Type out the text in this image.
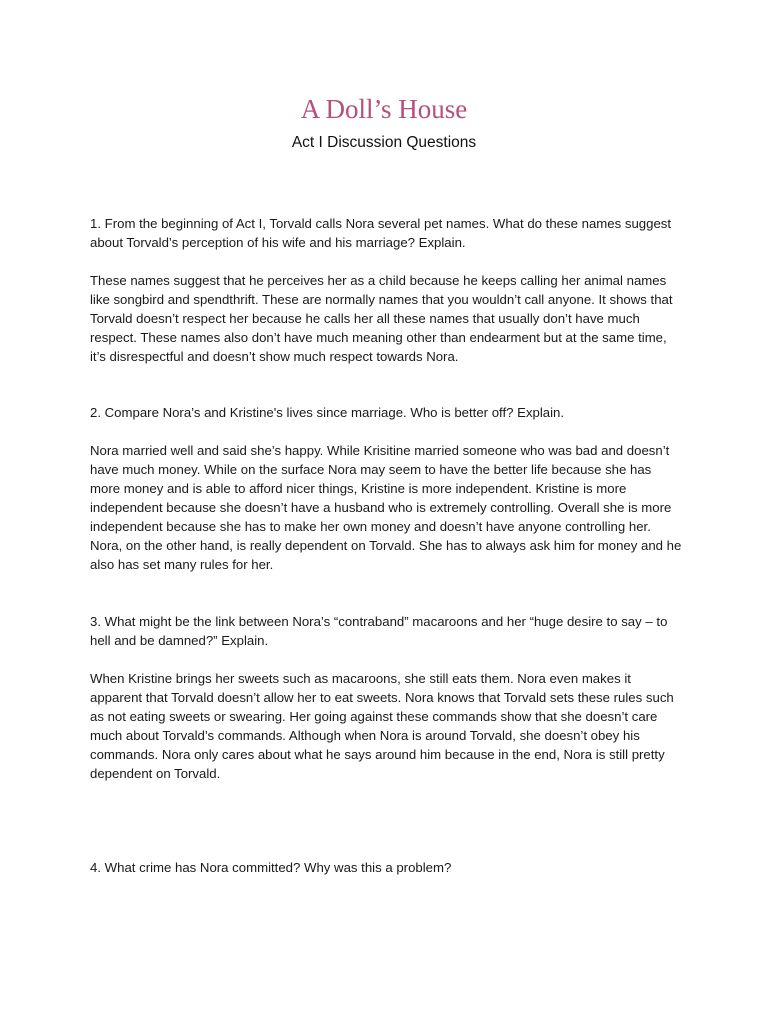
A Doll’s House
Act I Discussion Questions

1. From the beginning of Act I, Torvald calls Nora several pet names. What do these names suggest about Torvald’s perception of his wife and his marriage? Explain.

These names suggest that he perceives her as a child because he keeps calling her animal names like songbird and spendthrift. These are normally names that you wouldn’t call anyone. It shows that Torvald doesn’t respect her because he calls her all these names that usually don’t have much respect. These names also don’t have much meaning other than endearment but at the same time, it’s disrespectful and doesn’t show much respect towards Nora.

2. Compare Nora’s and Kristine's lives since marriage. Who is better off? Explain.

Nora married well and said she’s happy. While Krisitine married someone who was bad and doesn’t have much money. While on the surface Nora may seem to have the better life because she has more money and is able to afford nicer things, Kristine is more independent. Kristine is more independent because she doesn’t have a husband who is extremely controlling. Overall she is more independent because she has to make her own money and doesn’t have anyone controlling her. Nora, on the other hand, is really dependent on Torvald. She has to always ask him for money and he also has set many rules for her.

3. What might be the link between Nora’s “contraband” macaroons and her “huge desire to say – to hell and be damned?” Explain.

When Kristine brings her sweets such as macaroons, she still eats them. Nora even makes it apparent that Torvald doesn’t allow her to eat sweets. Nora knows that Torvald sets these rules such as not eating sweets or swearing. Her going against these commands show that she doesn’t care much about Torvald’s commands. Although when Nora is around Torvald, she doesn’t obey his commands. Nora only cares about what he says around him because in the end, Nora is still pretty dependent on Torvald.

4. What crime has Nora committed? Why was this a problem?
